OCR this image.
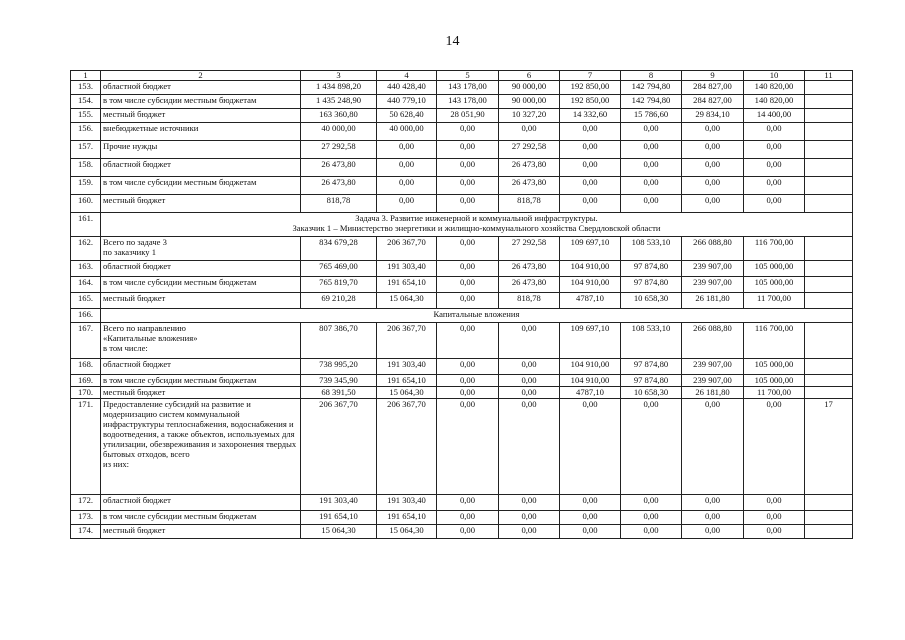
14
1	2	3	4	5	6	7	8	9	10	11
153.	областной бюджет	1 434 898,20	440 428,40	143 178,00	90 000,00	192 850,00	142 794,80	284 827,00	140 820,00	
154.	в том числе субсидии местным бюджетам	1 435 248,90	440 779,10	143 178,00	90 000,00	192 850,00	142 794,80	284 827,00	140 820,00	
155.	местный бюджет	163 360,80	50 628,40	28 051,90	10 327,20	14 332,60	15 786,60	29 834,10	14 400,00	
156.	внебюджетные источники	40 000,00	40 000,00	0,00	0,00	0,00	0,00	0,00	0,00	
157.	Прочие нужды	27 292,58	0,00	0,00	27 292,58	0,00	0,00	0,00	0,00	
158.	областной бюджет	26 473,80	0,00	0,00	26 473,80	0,00	0,00	0,00	0,00	
159.	в том числе субсидии местным бюджетам	26 473,80	0,00	0,00	26 473,80	0,00	0,00	0,00	0,00	
160.	местный бюджет	818,78	0,00	0,00	818,78	0,00	0,00	0,00	0,00	
161.	Задача 3. Развитие инженерной и коммунальной инфраструктуры.
Заказчик 1 – Министерство энергетики и жилищно-коммунального хозяйства Свердловской области									

162.	Всего по задаче 3
по заказчику 1	834 679,28	206 367,70	0,00	27 292,58	109 697,10	108 533,10	266 088,80	116 700,00	
163.	областной бюджет	765 469,00	191 303,40	0,00	26 473,80	104 910,00	97 874,80	239 907,00	105 000,00	
164.	в том числе субсидии местным бюджетам	765 819,70	191 654,10	0,00	26 473,80	104 910,00	97 874,80	239 907,00	105 000,00	
165.	местный бюджет	69 210,28	15 064,30	0,00	818,78	4787,10	10 658,30	26 181,80	11 700,00	
166.	Капитальные вложения									

167.	Всего по направлению
«Капитальные вложения»
в том числе:	807 386,70	206 367,70	0,00	0,00	109 697,10	108 533,10	266 088,80	116 700,00	
168.	областной бюджет	738 995,20	191 303,40	0,00	0,00	104 910,00	97 874,80	239 907,00	105 000,00	
169.	в том числе субсидии местным бюджетам	739 345,90	191 654,10	0,00	0,00	104 910,00	97 874,80	239 907,00	105 000,00	
170.	местный бюджет	68 391,50	15 064,30	0,00	0,00	4787,10	10 658,30	26 181,80	11 700,00	
171.	Предоставление субсидий на развитие и модернизацию систем коммунальной инфраструктуры теплоснабжения, водоснабжения и водоотведения, а также объектов, используемых для утилизации, обезвреживания и захоронения твердых бытовых отходов, всего
из них:	206 367,70	206 367,70	0,00	0,00	0,00	0,00	0,00	0,00	17
172.	областной бюджет	191 303,40	191 303,40	0,00	0,00	0,00	0,00	0,00	0,00	
173.	в том числе субсидии местным бюджетам	191 654,10	191 654,10	0,00	0,00	0,00	0,00	0,00	0,00	
174.	местный бюджет	15 064,30	15 064,30	0,00	0,00	0,00	0,00	0,00	0,00	
